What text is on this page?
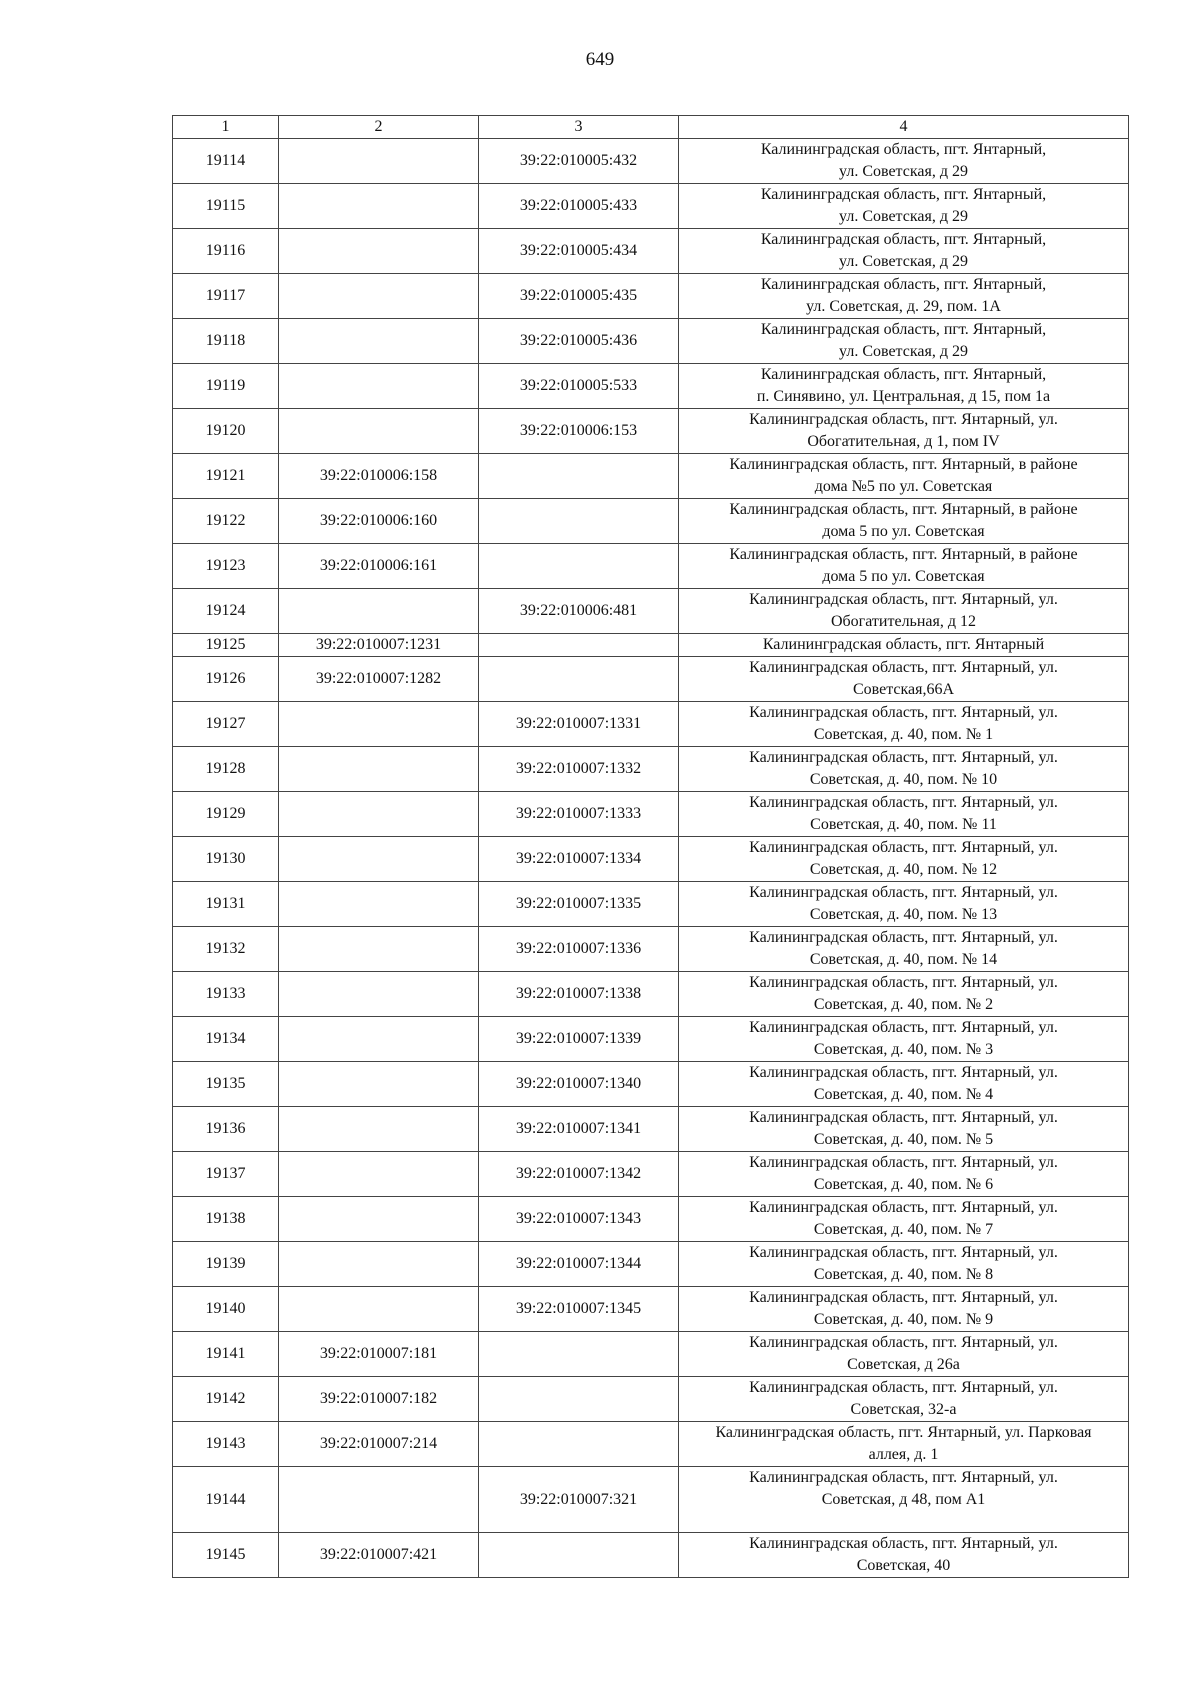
649
1	2	3	4
19114		39:22:010005:432	Калининградская область, пгт. Янтарный,
ул. Советская, д 29

19115		39:22:010005:433	Калининградская область, пгт. Янтарный,
ул. Советская, д 29

19116		39:22:010005:434	Калининградская область, пгт. Янтарный,
ул. Советская, д 29

19117		39:22:010005:435	Калининградская область, пгт. Янтарный,
ул. Советская, д. 29, пом. 1А

19118		39:22:010005:436	Калининградская область, пгт. Янтарный,
ул. Советская, д 29

19119		39:22:010005:533	Калининградская область, пгт. Янтарный,
п. Синявино, ул. Центральная, д 15, пом 1а

19120		39:22:010006:153	Калининградская область, пгт. Янтарный, ул.
Обогатительная, д 1, пом IV

19121	39:22:010006:158		Калининградская область, пгт. Янтарный, в районе
дома №5 по ул. Советская

19122	39:22:010006:160		Калининградская область, пгт. Янтарный, в районе
дома 5 по ул. Советская

19123	39:22:010006:161		Калининградская область, пгт. Янтарный, в районе
дома 5 по ул. Советская

19124		39:22:010006:481	Калининградская область, пгт. Янтарный, ул.
Обогатительная, д 12

19125	39:22:010007:1231		Калининградская область, пгт. Янтарный

19126	39:22:010007:1282		Калининградская область, пгт. Янтарный, ул.
Советская,66А

19127		39:22:010007:1331	Калининградская область, пгт. Янтарный, ул.
Советская, д. 40, пом. № 1

19128		39:22:010007:1332	Калининградская область, пгт. Янтарный, ул.
Советская, д. 40, пом. № 10

19129		39:22:010007:1333	Калининградская область, пгт. Янтарный, ул.
Советская, д. 40, пом. № 11

19130		39:22:010007:1334	Калининградская область, пгт. Янтарный, ул.
Советская, д. 40, пом. № 12

19131		39:22:010007:1335	Калининградская область, пгт. Янтарный, ул.
Советская, д. 40, пом. № 13

19132		39:22:010007:1336	Калининградская область, пгт. Янтарный, ул.
Советская, д. 40, пом. № 14

19133		39:22:010007:1338	Калининградская область, пгт. Янтарный, ул.
Советская, д. 40, пом. № 2

19134		39:22:010007:1339	Калининградская область, пгт. Янтарный, ул.
Советская, д. 40, пом. № 3

19135		39:22:010007:1340	Калининградская область, пгт. Янтарный, ул.
Советская, д. 40, пом. № 4

19136		39:22:010007:1341	Калининградская область, пгт. Янтарный, ул.
Советская, д. 40, пом. № 5

19137		39:22:010007:1342	Калининградская область, пгт. Янтарный, ул.
Советская, д. 40, пом. № 6

19138		39:22:010007:1343	Калининградская область, пгт. Янтарный, ул.
Советская, д. 40, пом. № 7

19139		39:22:010007:1344	Калининградская область, пгт. Янтарный, ул.
Советская, д. 40, пом. № 8

19140		39:22:010007:1345	Калининградская область, пгт. Янтарный, ул.
Советская, д. 40, пом. № 9

19141	39:22:010007:181		Калининградская область, пгт. Янтарный, ул.
Советская, д 26а

19142	39:22:010007:182		Калининградская область, пгт. Янтарный, ул.
Советская, 32-а

19143	39:22:010007:214		Калининградская область, пгт. Янтарный, ул. Парковая
аллея, д. 1

19144		39:22:010007:321	Калининградская область, пгт. Янтарный, ул.
Советская, д 48, пом А1

19145	39:22:010007:421		Калининградская область, пгт. Янтарный, ул.
Советская, 40
